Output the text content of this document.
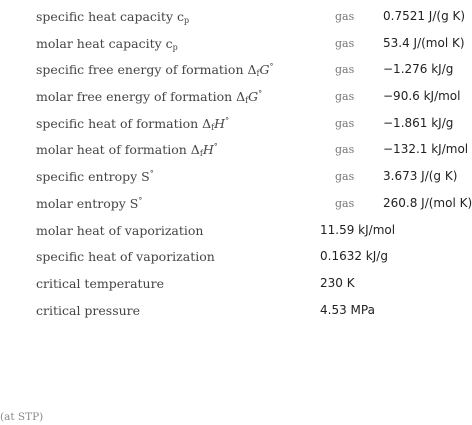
specific heat capacity $c_p$	gas 0.7521 J/(g K)
molar heat capacity $c_p$	gas 53.4 J/(mol K)
specific free energy of formation $\Delta_fG^\circ$	gas −1.276 kJ/g
molar free energy of formation $\Delta_fG^\circ$	gas −90.6 kJ/mol
specific heat of formation $\Delta_fH^\circ$	gas −1.861 kJ/g
molar heat of formation $\Delta_fH^\circ$	gas −132.1 kJ/mol
specific entropy S°	gas 3.673 J/(g K)
molar entropy S°	gas 260.8 J/(mol K)
molar heat of vaporization	11.59 kJ/mol
specific heat of vaporization	0.1632 kJ/g
critical temperature	230 K
critical pressure	4.53 MPa
(at STP)
